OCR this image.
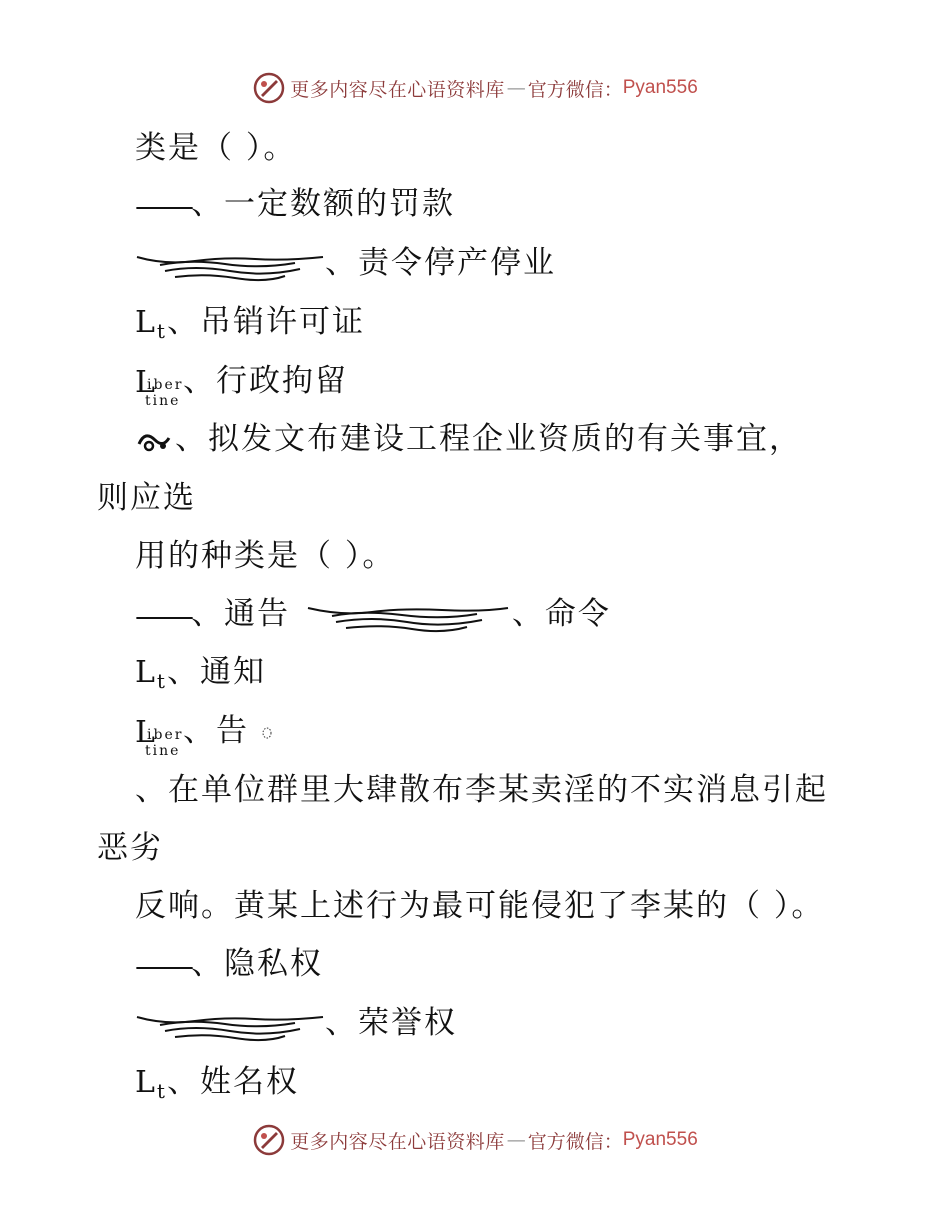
更多内容尽在心语资料库 — 官方微信： Pyan556
类是（ ）。
——、一定数额的罚款
、责令停产停业
$L_t$、吊销许可证
L
iber
tine
、行政拘留
、拟发文布建设工程企业资质的有关事宜，
则应选
用的种类是（ ）。
——、通告	、命令
$L_t$、通知
L
iber
tine
、告
、在单位群里大肆散布李某卖淫的不实消息引起
恶劣
反响。黄某上述行为最可能侵犯了李某的（ ）。
——、隐私权
、荣誉权
$L_t$、姓名权
更多内容尽在心语资料库 — 官方微信： Pyan556
